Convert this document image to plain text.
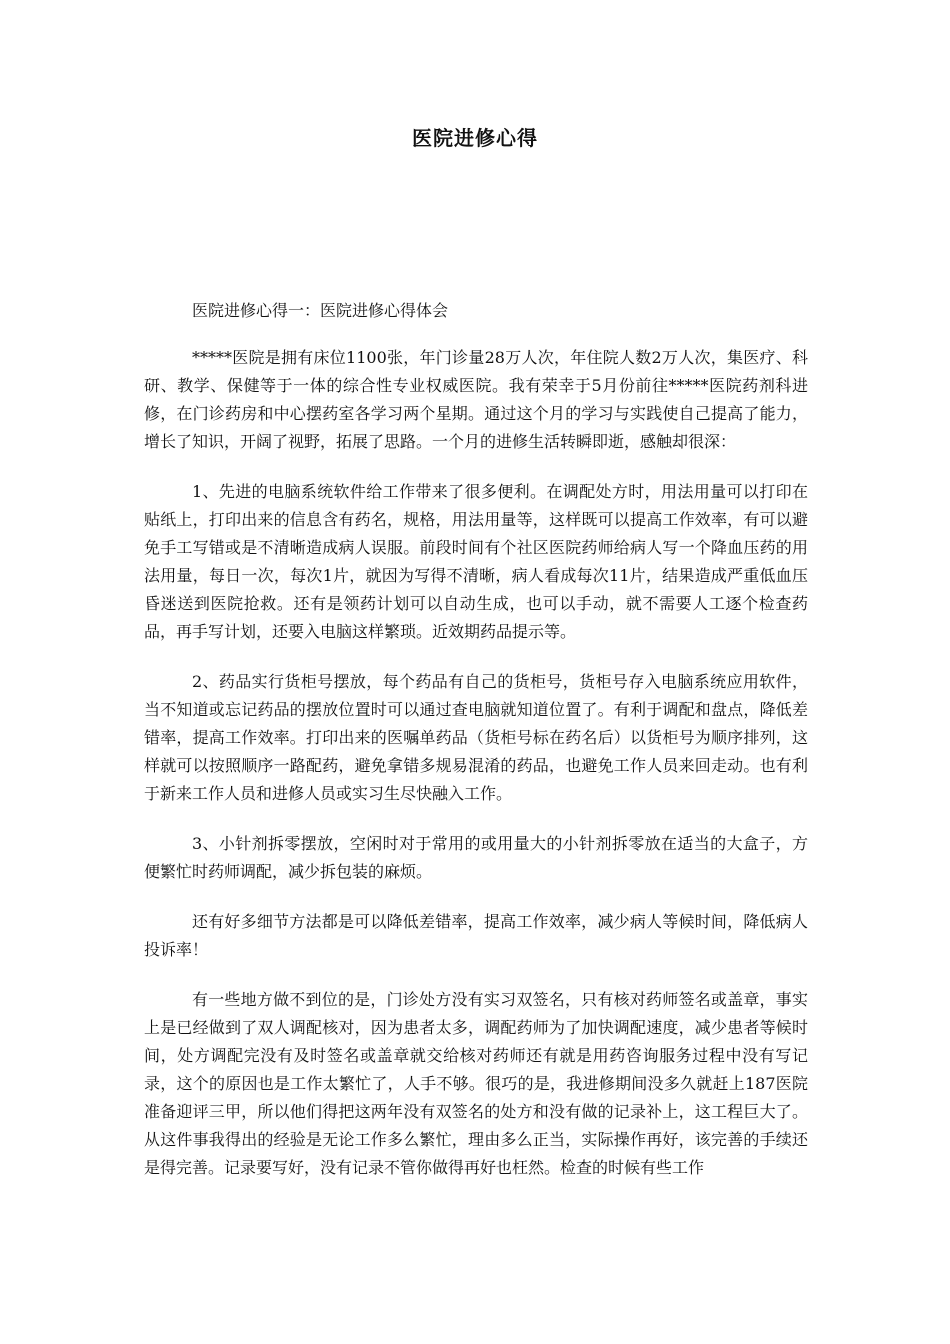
医院进修心得

医院进修心得一：医院进修心得体会

*****医院是拥有床位1100张，年门诊量28万人次，年住院人数2万人次，集医疗、科研、教学、保健等于一体的综合性专业权威医院。我有荣幸于5月份前往*****医院药剂科进修，在门诊药房和中心摆药室各学习两个星期。通过这个月的学习与实践使自己提高了能力，增长了知识，开阔了视野，拓展了思路。一个月的进修生活转瞬即逝，感触却很深：

1、先进的电脑系统软件给工作带来了很多便利。在调配处方时，用法用量可以打印在贴纸上，打印出来的信息含有药名，规格，用法用量等，这样既可以提高工作效率，有可以避免手工写错或是不清晰造成病人误服。前段时间有个社区医院药师给病人写一个降血压药的用法用量，每日一次，每次1片，就因为写得不清晰，病人看成每次11片，结果造成严重低血压昏迷送到医院抢救。还有是领药计划可以自动生成，也可以手动，就不需要人工逐个检查药品，再手写计划，还要入电脑这样繁琐。近效期药品提示等。

2、药品实行货柜号摆放，每个药品有自己的货柜号，货柜号存入电脑系统应用软件，当不知道或忘记药品的摆放位置时可以通过查电脑就知道位置了。有利于调配和盘点，降低差错率，提高工作效率。打印出来的医嘱单药品（货柜号标在药名后）以货柜号为顺序排列，这样就可以按照顺序一路配药，避免拿错多规易混淆的药品，也避免工作人员来回走动。也有利于新来工作人员和进修人员或实习生尽快融入工作。

3、小针剂拆零摆放，空闲时对于常用的或用量大的小针剂拆零放在适当的大盒子，方便繁忙时药师调配，减少拆包装的麻烦。

还有好多细节方法都是可以降低差错率，提高工作效率，减少病人等候时间，降低病人投诉率！

有一些地方做不到位的是，门诊处方没有实习双签名，只有核对药师签名或盖章，事实上是已经做到了双人调配核对，因为患者太多，调配药师为了加快调配速度，减少患者等候时间，处方调配完没有及时签名或盖章就交给核对药师还有就是用药咨询服务过程中没有写记录，这个的原因也是工作太繁忙了，人手不够。很巧的是，我进修期间没多久就赶上187医院准备迎评三甲，所以他们得把这两年没有双签名的处方和没有做的记录补上，这工程巨大了。从这件事我得出的经验是无论工作多么繁忙，理由多么正当，实际操作再好，该完善的手续还是得完善。记录要写好，没有记录不管你做得再好也枉然。检查的时候有些工作
